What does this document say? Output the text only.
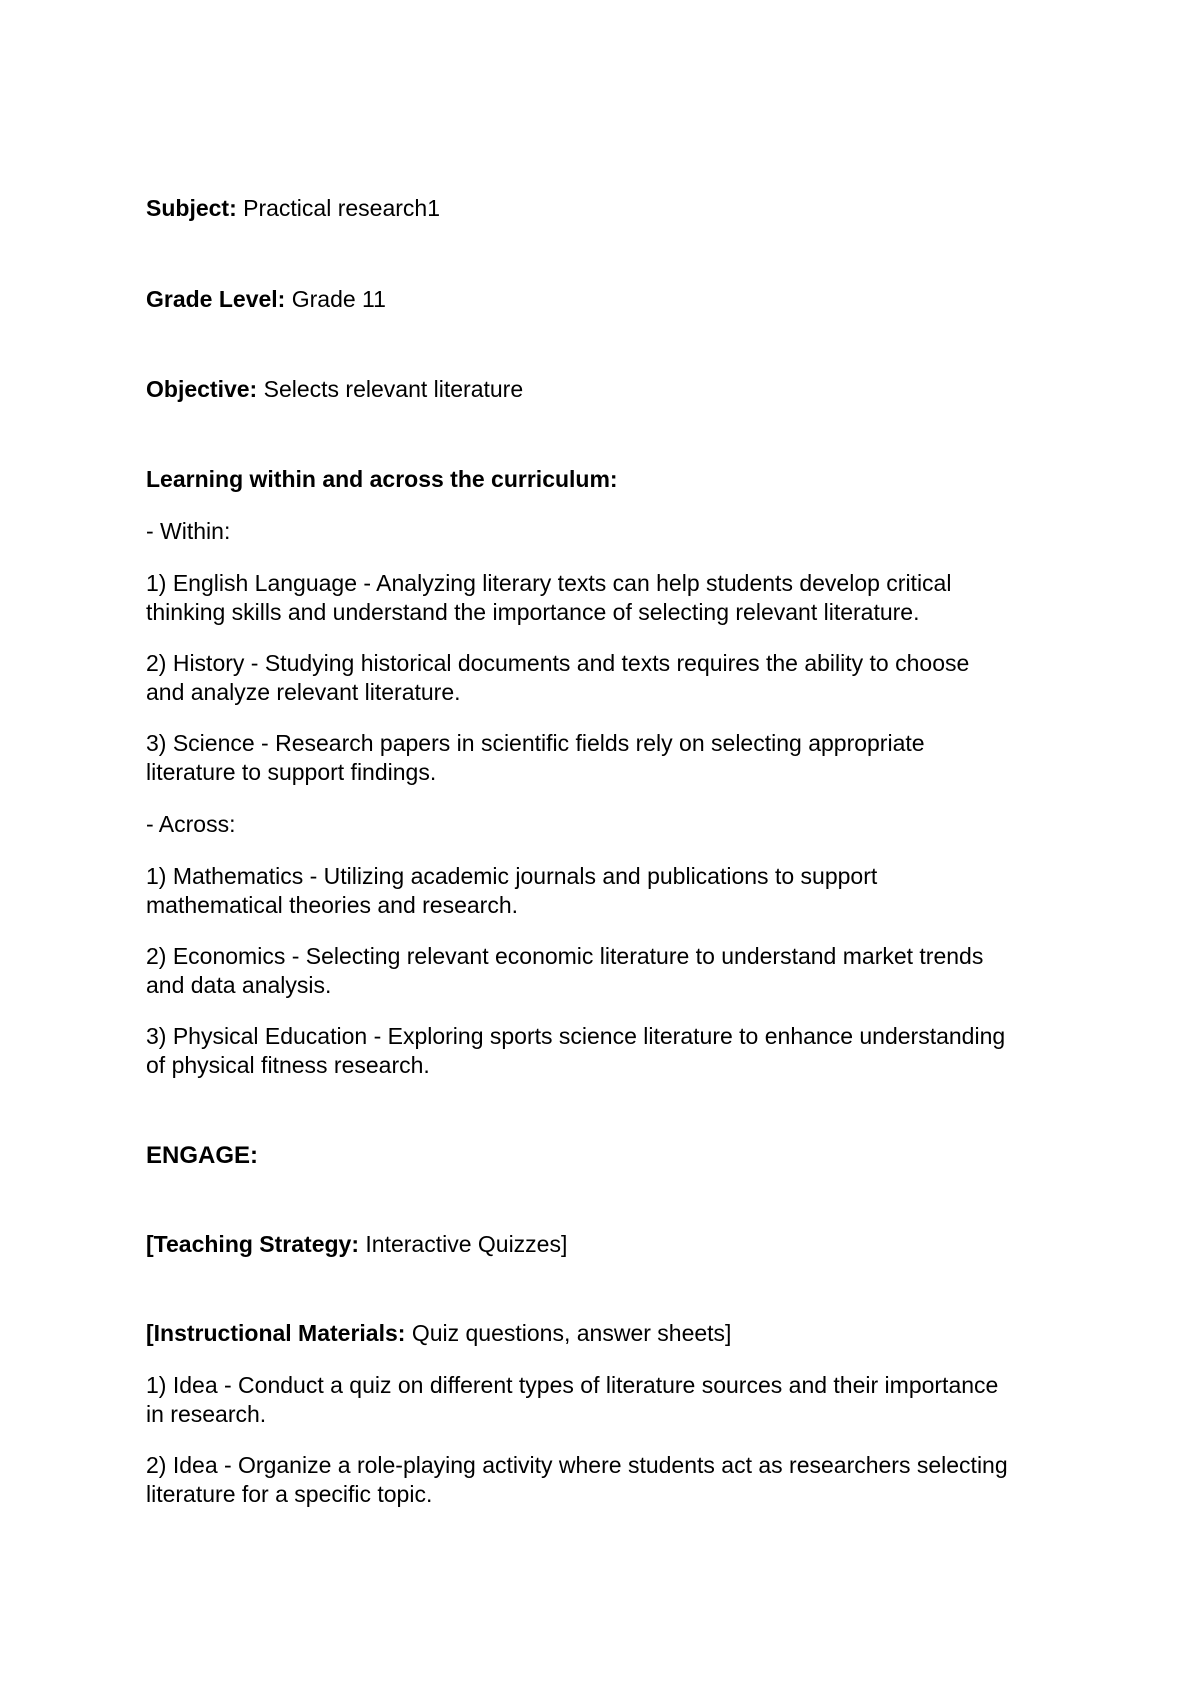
Subject: Practical research1
Grade Level: Grade 11
Objective: Selects relevant literature
Learning within and across the curriculum:
- Within:
1) English Language - Analyzing literary texts can help students develop critical
thinking skills and understand the importance of selecting relevant literature.
2) History - Studying historical documents and texts requires the ability to choose
and analyze relevant literature.
3) Science - Research papers in scientific fields rely on selecting appropriate
literature to support findings.
- Across:
1) Mathematics - Utilizing academic journals and publications to support
mathematical theories and research.
2) Economics - Selecting relevant economic literature to understand market trends
and data analysis.
3) Physical Education - Exploring sports science literature to enhance understanding
of physical fitness research.
ENGAGE:
[Teaching Strategy: Interactive Quizzes]
[Instructional Materials: Quiz questions, answer sheets]
1) Idea - Conduct a quiz on different types of literature sources and their importance
in research.
2) Idea - Organize a role-playing activity where students act as researchers selecting
literature for a specific topic.
